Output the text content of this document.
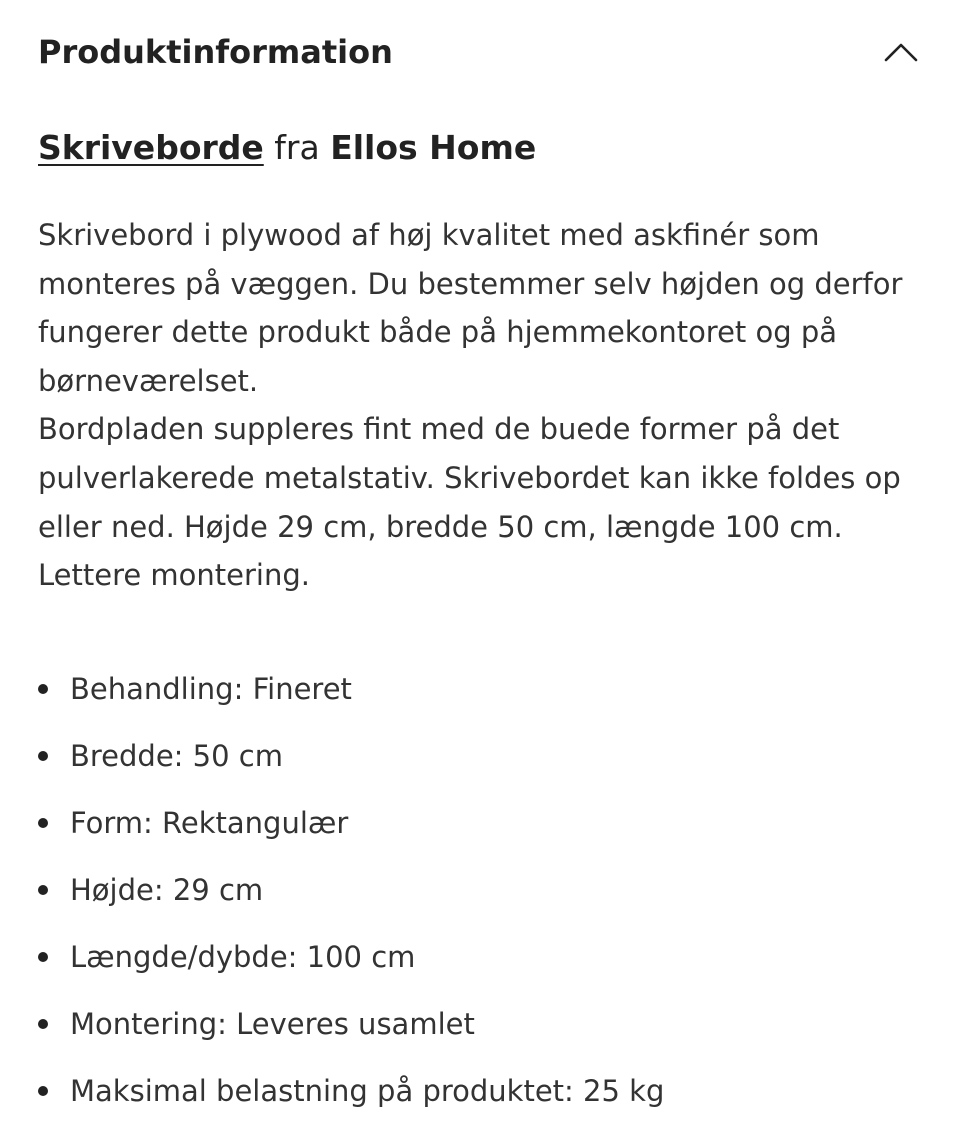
Produktinformation
Skriveborde fra Ellos Home

Skrivebord i plywood af høj kvalitet med askfinér som monteres på væggen. Du bestemmer selv højden og derfor fungerer dette produkt både på hjemmekontoret og på børneværelset.

Bordpladen suppleres fint med de buede former på det pulverlakerede metalstativ. Skrivebordet kan ikke foldes op eller ned. Højde 29 cm, bredde 50 cm, længde 100 cm. Lettere montering.

Behandling: Fineret
Bredde: 50 cm
Form: Rektangulær
Højde: 29 cm
Længde/dybde: 100 cm
Montering: Leveres usamlet
Maksimal belastning på produktet: 25 kg
